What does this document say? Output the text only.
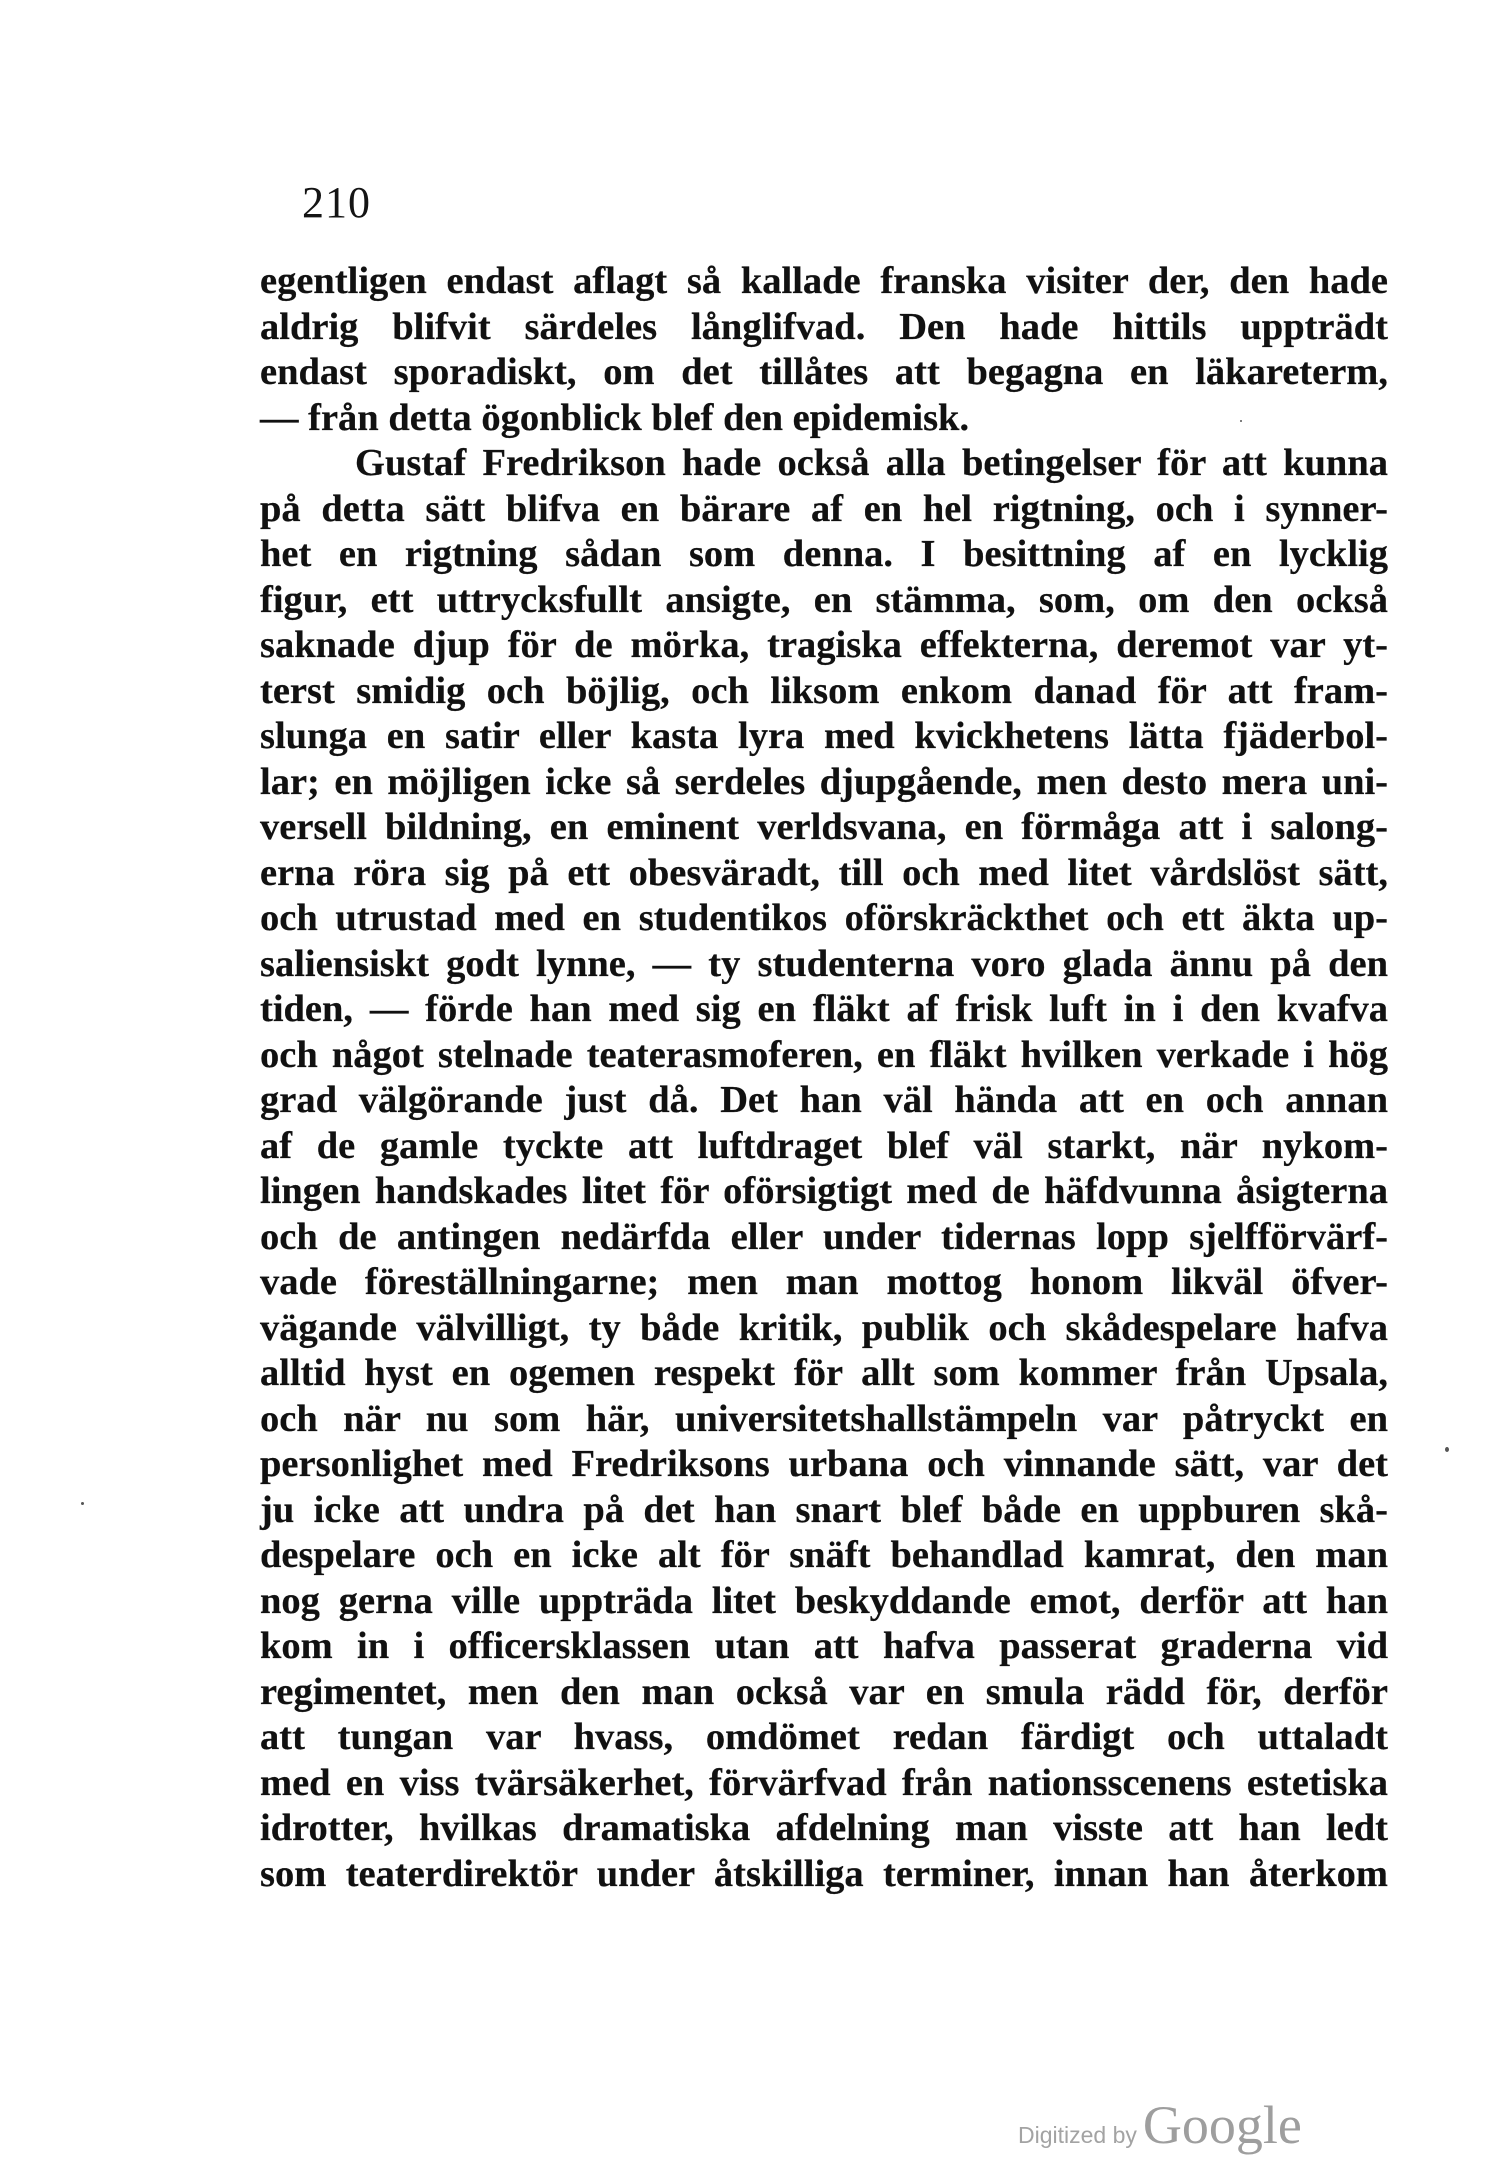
210
egentligen endast aflagt så kallade franska visiter der, den hade
aldrig blifvit särdeles långlifvad. Den hade hittils uppträdt
endast sporadiskt, om det tillåtes att begagna en läkareterm,
— från detta ögonblick blef den epidemisk.
Gustaf Fredrikson hade också alla betingelser för att kunna
på detta sätt blifva en bärare af en hel rigtning, och i synner-
het en rigtning sådan som denna. I besittning af en lycklig
figur, ett uttrycksfullt ansigte, en stämma, som, om den också
saknade djup för de mörka, tragiska effekterna, deremot var yt-
terst smidig och böjlig, och liksom enkom danad för att fram-
slunga en satir eller kasta lyra med kvickhetens lätta fjäderbol-
lar; en möjligen icke så serdeles djupgående, men desto mera uni-
versell bildning, en eminent verldsvana, en förmåga att i salong-
erna röra sig på ett obesväradt, till och med litet vårdslöst sätt,
och utrustad med en studentikos oförskräckthet och ett äkta up-
saliensiskt godt lynne, — ty studenterna voro glada ännu på den
tiden, — förde han med sig en fläkt af frisk luft in i den kvafva
och något stelnade teaterasmoferen, en fläkt hvilken verkade i hög
grad välgörande just då. Det han väl hända att en och annan
af de gamle tyckte att luftdraget blef väl starkt, när nykom-
lingen handskades litet för oförsigtigt med de häfdvunna åsigterna
och de antingen nedärfda eller under tidernas lopp sjelfförvärf-
vade föreställningarne; men man mottog honom likväl öfver-
vägande välvilligt, ty både kritik, publik och skådespelare hafva
alltid hyst en ogemen respekt för allt som kommer från Upsala,
och när nu som här, universitetshallstämpeln var påtryckt en
personlighet med Fredriksons urbana och vinnande sätt, var det
ju icke att undra på det han snart blef både en uppburen skå-
despelare och en icke alt för snäft behandlad kamrat, den man
nog gerna ville uppträda litet beskyddande emot, derför att han
kom in i officersklassen utan att hafva passerat graderna vid
regimentet, men den man också var en smula rädd för, derför
att tungan var hvass, omdömet redan färdigt och uttaladt
med en viss tvärsäkerhet, förvärfvad från nationsscenens estetiska
idrotter, hvilkas dramatiska afdelning man visste att han ledt
som teaterdirektör under åtskilliga terminer, innan han återkom
Digitized by Google
